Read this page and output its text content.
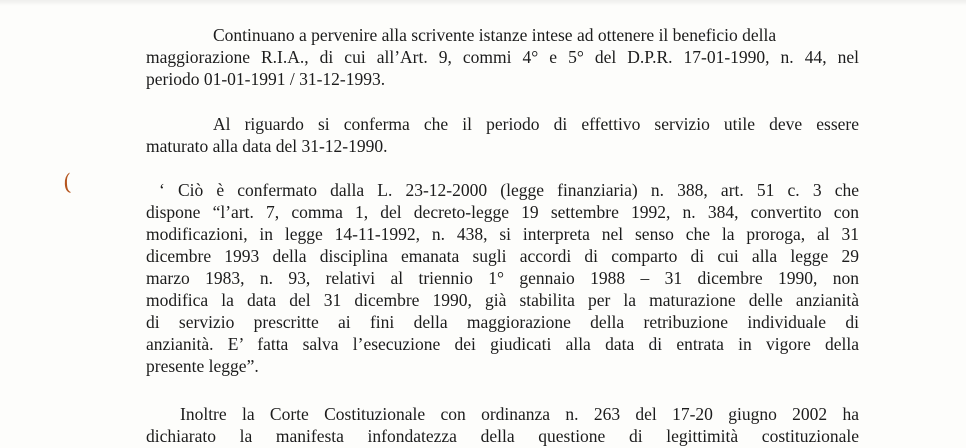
(
Continuano a pervenire alla scrivente istanze intese ad ottenere il beneficio della
maggiorazione R.I.A., di cui all’Art. 9, commi 4° e 5° del D.P.R. 17-01-1990, n. 44, nel
periodo 01-01-1991 / 31-12-1993.
Al riguardo si conferma che il periodo di effettivo servizio utile deve essere
maturato alla data del 31-12-1990.
‘ Ciò è confermato dalla L. 23-12-2000 (legge finanziaria) n. 388, art. 51 c. 3 che
dispone “l’art. 7, comma 1, del decreto-legge 19 settembre 1992, n. 384, convertito con
modificazioni, in legge 14-11-1992, n. 438, si interpreta nel senso che la proroga, al 31
dicembre 1993 della disciplina emanata sugli accordi di comparto di cui alla legge 29
marzo 1983, n. 93, relativi al triennio 1° gennaio 1988 – 31 dicembre 1990, non
modifica la data del 31 dicembre 1990, già stabilita per la maturazione delle anzianità
di servizio prescritte ai fini della maggiorazione della retribuzione individuale di
anzianità. E’ fatta salva l’esecuzione dei giudicati alla data di entrata in vigore della
presente legge”.
Inoltre la Corte Costituzionale con ordinanza n. 263 del 17-20 giugno 2002 ha
dichiarato la manifesta infondatezza della questione di legittimità costituzionale
